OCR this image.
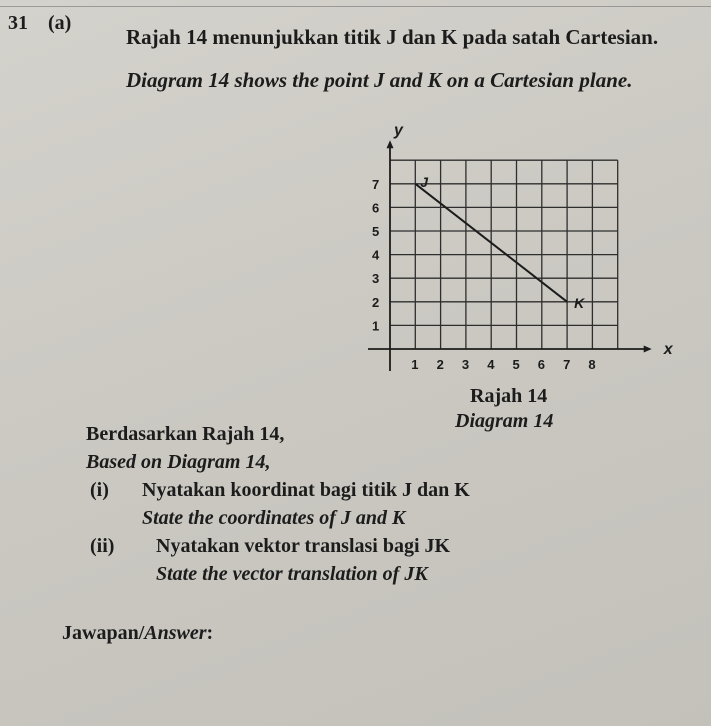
31 (a)
Rajah 14 menunjukkan titik J dan K pada satah Cartesian.
Diagram 14 shows the point J and K on a Cartesian plane.
x
y
1 2 3 4 5 6 7 8
1
2
3
4
5
6
7	J
K
Rajah 14
Diagram 14
Berdasarkan Rajah 14,
Based on Diagram 14,
(i) Nyatakan koordinat bagi titik J dan K
State the coordinates of J and K
(ii) Nyatakan vektor translasi bagi JK
State the vector translation of JK
Jawapan/Answer:
